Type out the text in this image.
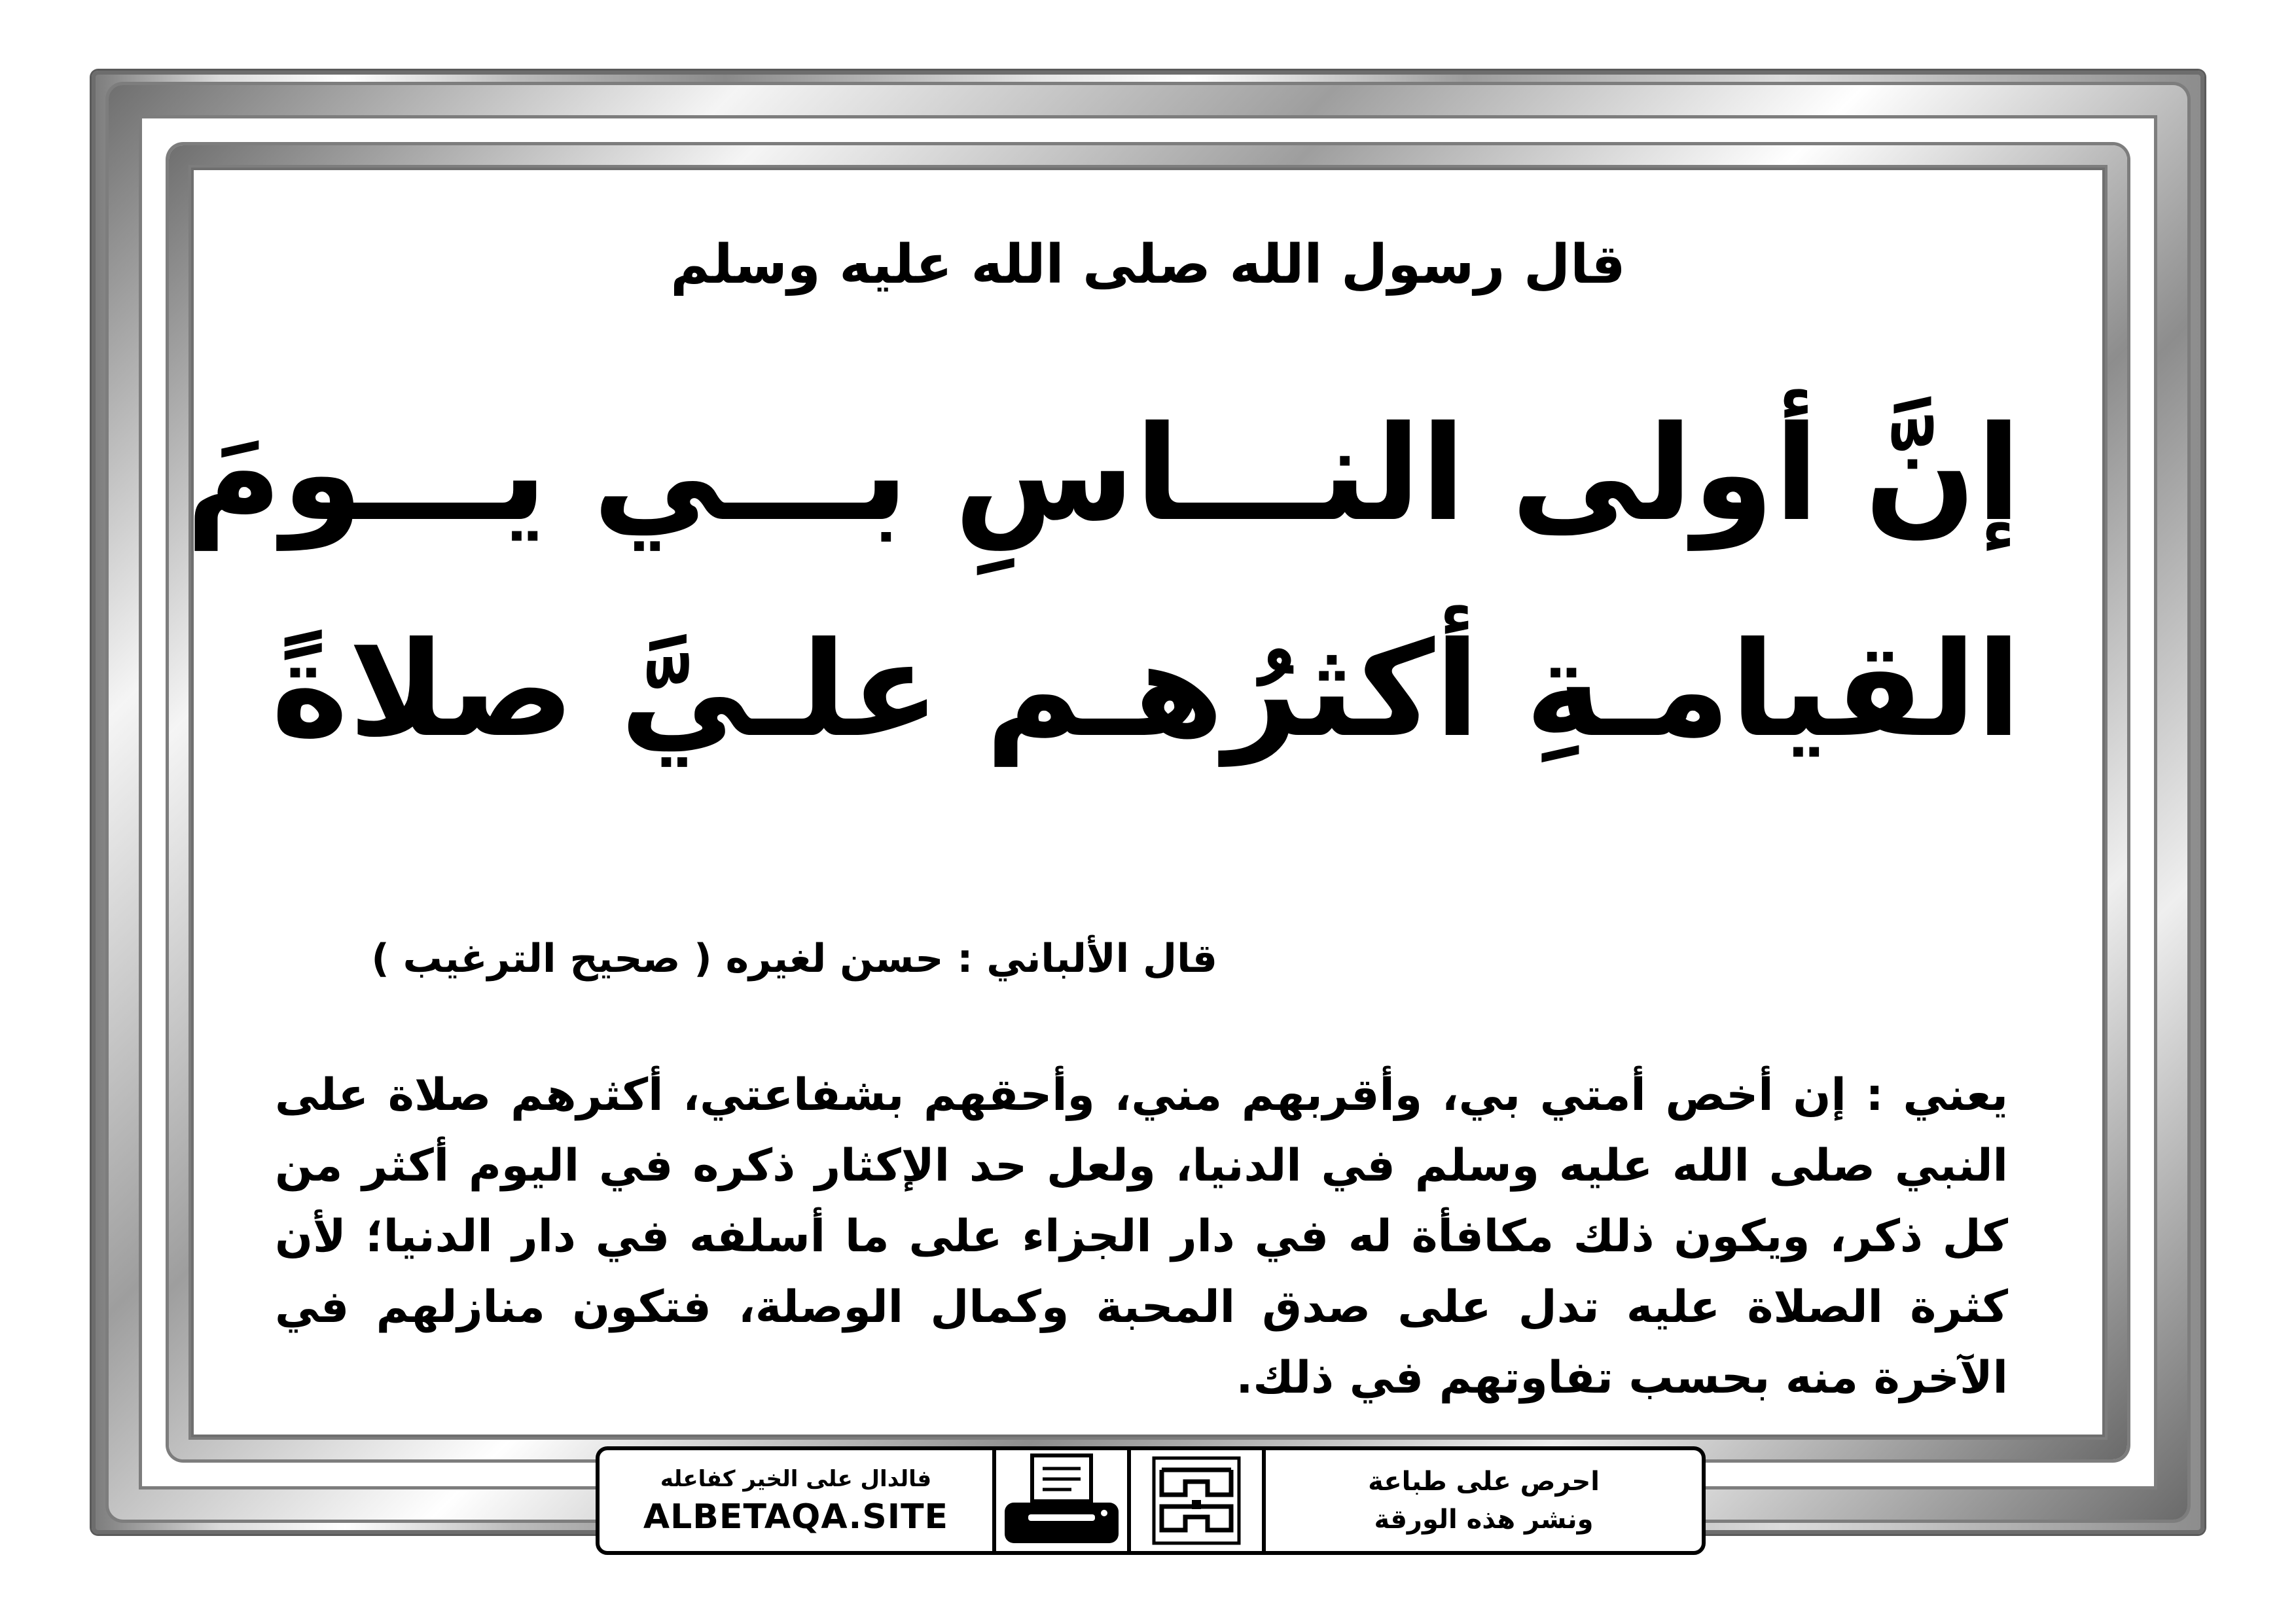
قال رسول الله صلى الله عليه وسلم
إنَّ أولى النـــاسِ بـــي يـــومَ
القيامـةِ أكثرُهـم علـيَّ صلاةً
قال الألباني : حسن لغيره ( صحيح الترغيب )
يعني : إن أخص أمتي بي، وأقربهم مني، وأحقهم بشفاعتي، أكثرهم صلاة على النبي صلى الله عليه وسلم في الدنيا، ولعل حد الإكثار ذكره في اليوم أكثر من كل ذكر، ويكون ذلك مكافأة له في دار الجزاء على ما أسلفه في دار الدنيا؛ لأن كثرة الصلاة عليه تدل على صدق المحبة وكمال الوصلة، فتكون منازلهم في الآخرة منه بحسب تفاوتهم في ذلك.
فالدال على الخير كفاعله
ALBETAQA.SITE
احرص على طباعة
ونشر هذه الورقة
